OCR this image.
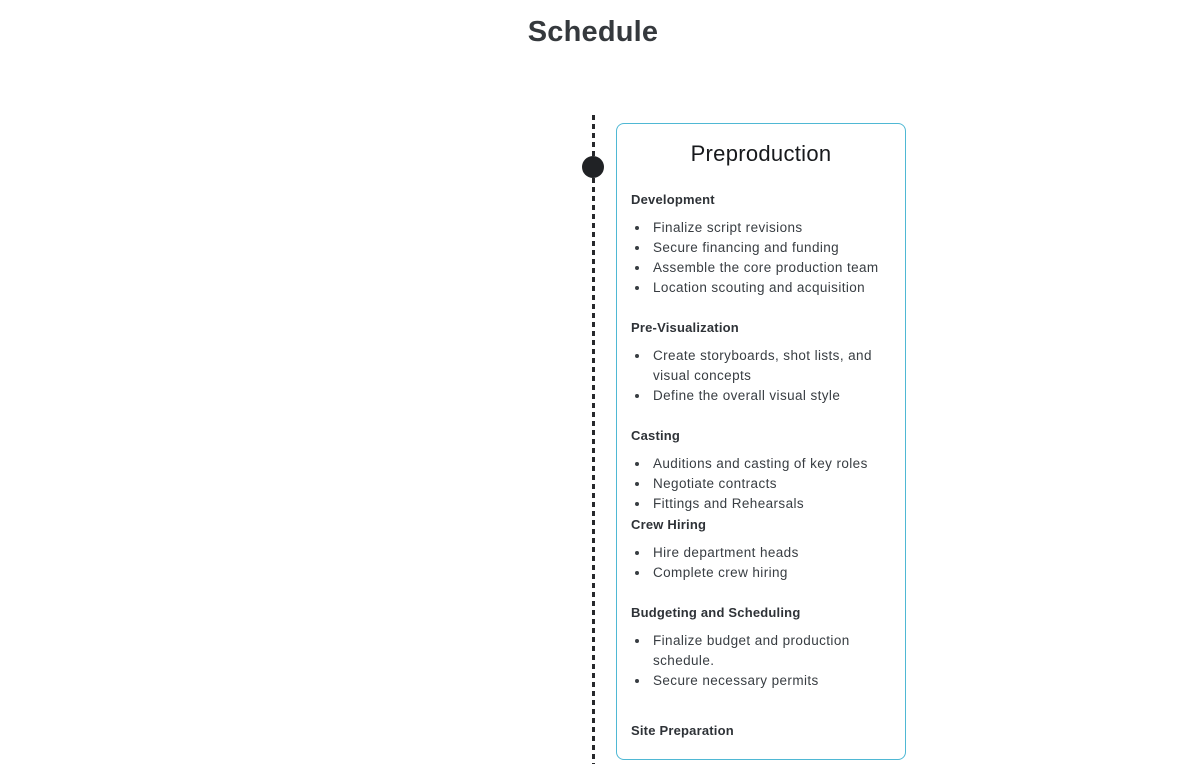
Schedule
Preproduction
Development
• Finalize script revisions
• Secure financing and funding
• Assemble the core production team
• Location scouting and acquisition
Pre-Visualization
• Create storyboards, shot lists, and visual concepts
• Define the overall visual style
Casting
• Auditions and casting of key roles
• Negotiate contracts
• Fittings and Rehearsals
Crew Hiring
• Hire department heads
• Complete crew hiring
Budgeting and Scheduling
• Finalize budget and production schedule.
• Secure necessary permits
Site Preparation
